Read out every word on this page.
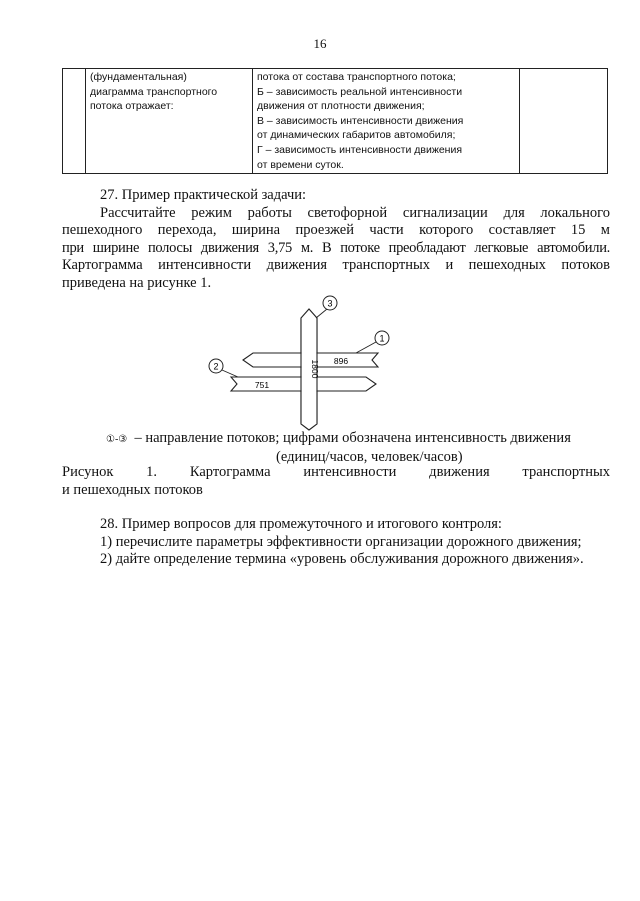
16

(фундаментальная)
диаграмма транспортного
потока отражает:

потока от состава транспортного потока;
Б – зависимость реальной интенсивности
движения от плотности движения;
В – зависимость интенсивности движения
от динамических габаритов автомобиля;
Г – зависимость интенсивности движения
от времени суток.

27. Пример практической задачи:
Рассчитайте режим работы светофорной сигнализации для локального
пешеходного перехода, ширина проезжей части которого составляет 15 м
при ширине полосы движения 3,75 м. В потоке преобладают легковые автомобили.
Картограмма интенсивности движения транспортных и пешеходных потоков
приведена на рисунке 1.
3
1
2
896
751
1800
①-③ – направление потоков; цифрами обозначена интенсивность движения
(единиц/часов, человек/часов)
Рисунок 1. Картограмма интенсивности движения транспортных
и пешеходных потоков
28. Пример вопросов для промежуточного и итогового контроля:
1) перечислите параметры эффективности организации дорожного движения;
2) дайте определение термина «уровень обслуживания дорожного движения».
